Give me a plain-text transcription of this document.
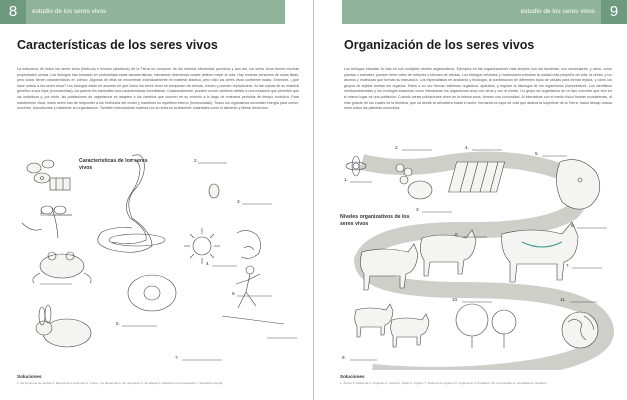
8	estudio de los seres vivos
Características de los seres vivos
La estructura de todos los seres vivos (bióticos) e incluso (abióticos) de la Tierra se compone de los mismos elementos químicos y aun así, los seres vivos tienen muchas propiedades únicas. Los biólogos han buscado en profundidad estas características, intentando determinar cuáles definen mejor la vida. Hay muchas versiones de estas listas, pero todos tienen características en común. Algunas de ellas se encuentran individualmente en material abiótico, pero sólo los seres vivos contienen todas. Entonces, ¿qué hace únicos a los seres vivos? Los biólogos están de acuerdo en que todos los seres vivos se componen de células, crecen y pueden reproducirse. Al dar copias de su material genético a sus hijos (cromosomas), los padres les transmiten sus características hereditarias. Ocasionalmente, pueden ocurrir cambios debido a una mutación que permiten que los individuos y, por ende, las poblaciones de organismos se adapten a los cambios que ocurren en su entorno a lo largo de extensos periodos de tiempo evolutivo. Para mantenerse vivos, estos seres han de responder a los estímulos del medio y mantener un equilibrio interno (homeostasis). Todos los organismos necesitan energía para crecer, moverse, reproducirse y mantener su organización. También intercambian materia con su entorno al absorber materiales como el alimento y liberar desechos.
Características de los seres vivos
1.
2.
3.
4.
5.
6.
7.
Soluciones
1. Se compone de células 2. Responde a estímulos 3. Crece y se desarrolla 4. Se reproduce 5. Se adapta 6. Mantiene la homeostasis 7. Necesita energía
9
estudio de los seres vivos
Organización de los seres vivos
Los biólogos estudian la vida en sus múltiples niveles organizativos. Ejemplos en las organizaciones más simples son las bacterias, son unicelulares, y otros, como plantas o animales, pueden tener miles de millones o billones de células. Los biólogos celulares y moleculares estudian la unidad más pequeña de vida, la célula, y los átomos y moléculas que forman su estructura. Los especialistas en anatomía y fisiología, la combinación de diferentes tipos de células para formar tejidos, y cómo los grupos de tejidos forman los órganos. Estos a su vez forman sistemas orgánicos, aparatos, y regulan la fisiología de los organismos pluricelulares. Los científicos medioambientales y los ecólogos examinan cómo interactúan los organismos unos con otros y con el medio. Un grupo de organismos de un tipo concreto que vive en el mismo lugar es una población. Cuando varias poblaciones viven en la misma zona, forman una comunidad. Al interactuar con el medio físico forman ecosistemas, el más grande de los cuales es la biosfera, que va desde la atmósfera hasta el suelo, formando la capa de vida que abarca la superficie de la Tierra, hasta debajo únicas entre todos los planetas conocidos.
Soluciones
1. Átomo 2. Molécula 3. Orgánulo 4. Célula 5. Tejido 6. Órgano 7. Sistema de órganos 8. Organismo 9. Población 10. Comunidad 11. Ecosistema / Biosfera
Niveles organizativos de los seres vivos
1.
2.
3.
4.
5.
6.
7.
8.
9.
10.	11.
